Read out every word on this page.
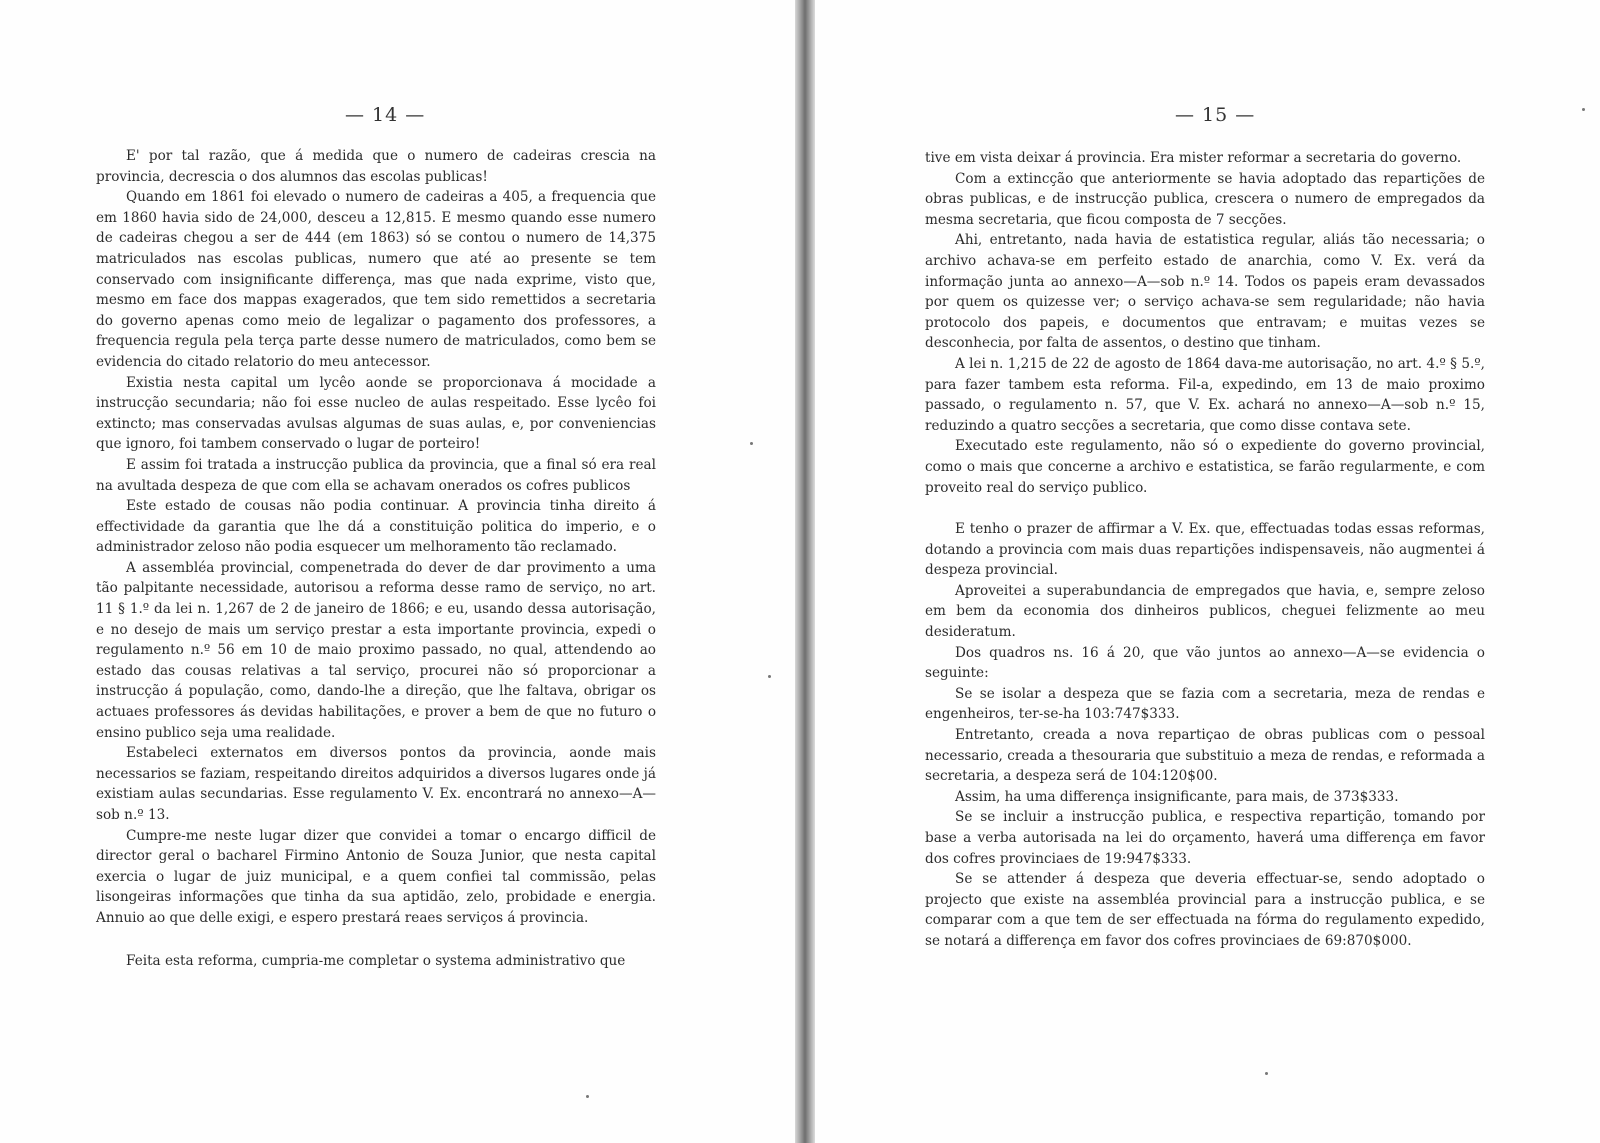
— 14 —

E' por tal razão, que á medida que o numero de cadeiras crescia na provincia, decrescia o dos alumnos das escolas publicas!

Quando em 1861 foi elevado o numero de cadeiras a 405, a frequencia que em 1860 havia sido de 24,000, desceu a 12,815. E mesmo quando esse numero de cadeiras chegou a ser de 444 (em 1863) só se contou o numero de 14,375 matriculados nas escolas publicas, numero que até ao presente se tem conservado com insignificante differença, mas que nada exprime, visto que, mesmo em face dos mappas exagerados, que tem sido remettidos a secretaria do governo apenas como meio de legalizar o pagamento dos professores, a frequencia regula pela terça parte desse numero de matriculados, como bem se evidencia do citado relatorio do meu antecessor.

Existia nesta capital um lycêo aonde se proporcionava á mocidade a instrucção secundaria; não foi esse nucleo de aulas respeitado. Esse lycêo foi extincto; mas conservadas avulsas algumas de suas aulas, e, por conveniencias que ignoro, foi tambem conservado o lugar de porteiro!

E assim foi tratada a instrucção publica da provincia, que a final só era real na avultada despeza de que com ella se achavam onerados os cofres publicos

Este estado de cousas não podia continuar. A provincia tinha direito á effectividade da garantia que lhe dá a constituição politica do imperio, e o administrador zeloso não podia esquecer um melhoramento tão reclamado.

A assembléa provincial, compenetrada do dever de dar provimento a uma tão palpitante necessidade, autorisou a reforma desse ramo de serviço, no art. 11 § 1.º da lei n. 1,267 de 2 de janeiro de 1866; e eu, usando dessa autorisação, e no desejo de mais um serviço prestar a esta importante provincia, expedi o regulamento n.º 56 em 10 de maio proximo passado, no qual, attendendo ao estado das cousas relativas a tal serviço, procurei não só proporcionar a instrucção á população, como, dando-lhe a direção, que lhe faltava, obrigar os actuaes professores ás devidas habilitações, e prover a bem de que no futuro o ensino publico seja uma realidade.

Estabeleci externatos em diversos pontos da provincia, aonde mais necessarios se faziam, respeitando direitos adquiridos a diversos lugares onde já existiam aulas secundarias. Esse regulamento V. Ex. encontrará no annexo—A—sob n.º 13.

Cumpre-me neste lugar dizer que convidei a tomar o encargo difficil de director geral o bacharel Firmino Antonio de Souza Junior, que nesta capital exercia o lugar de juiz municipal, e a quem confiei tal commissão, pelas lisongeiras informações que tinha da sua aptidão, zelo, probidade e energia. Annuio ao que delle exigi, e espero prestará reaes serviços á provincia.

Feita esta reforma, cumpria-me completar o systema administrativo que

— 15 —

tive em vista deixar á provincia. Era mister reformar a secretaria do governo.

Com a extincção que anteriormente se havia adoptado das repartições de obras publicas, e de instrucção publica, crescera o numero de empregados da mesma secretaria, que ficou composta de 7 secções.

Ahi, entretanto, nada havia de estatistica regular, aliás tão necessaria; o archivo achava-se em perfeito estado de anarchia, como V. Ex. verá da informação junta ao annexo—A—sob n.º 14. Todos os papeis eram devassados por quem os quizesse ver; o serviço achava-se sem regularidade; não havia protocolo dos papeis, e documentos que entravam; e muitas vezes se desconhecia, por falta de assentos, o destino que tinham.

A lei n. 1,215 de 22 de agosto de 1864 dava-me autorisação, no art. 4.º § 5.º, para fazer tambem esta reforma. Fil-a, expedindo, em 13 de maio proximo passado, o regulamento n. 57, que V. Ex. achará no annexo—A—sob n.º 15, reduzindo a quatro secções a secretaria, que como disse contava sete.

Executado este regulamento, não só o expediente do governo provincial, como o mais que concerne a archivo e estatistica, se farão regularmente, e com proveito real do serviço publico.

E tenho o prazer de affirmar a V. Ex. que, effectuadas todas essas reformas, dotando a provincia com mais duas repartições indispensaveis, não augmentei á despeza provincial.

Aproveitei a superabundancia de empregados que havia, e, sempre zeloso em bem da economia dos dinheiros publicos, cheguei felizmente ao meu desideratum.

Dos quadros ns. 16 á 20, que vão juntos ao annexo—A—se evidencia o seguinte:

Se se isolar a despeza que se fazia com a secretaria, meza de rendas e engenheiros, ter-se-ha 103:747$333.

Entretanto, creada a nova repartiçao de obras publicas com o pessoal necessario, creada a thesouraria que substituio a meza de rendas, e reformada a secretaria, a despeza será de 104:120$00.

Assim, ha uma differença insignificante, para mais, de 373$333.

Se se incluir a instrucção publica, e respectiva repartição, tomando por base a verba autorisada na lei do orçamento, haverá uma differença em favor dos cofres provinciaes de 19:947$333.

Se se attender á despeza que deveria effectuar-se, sendo adoptado o projecto que existe na assembléa provincial para a instrucção publica, e se comparar com a que tem de ser effectuada na fórma do regulamento expedido, se notará a differença em favor dos cofres provinciaes de 69:870$000.
